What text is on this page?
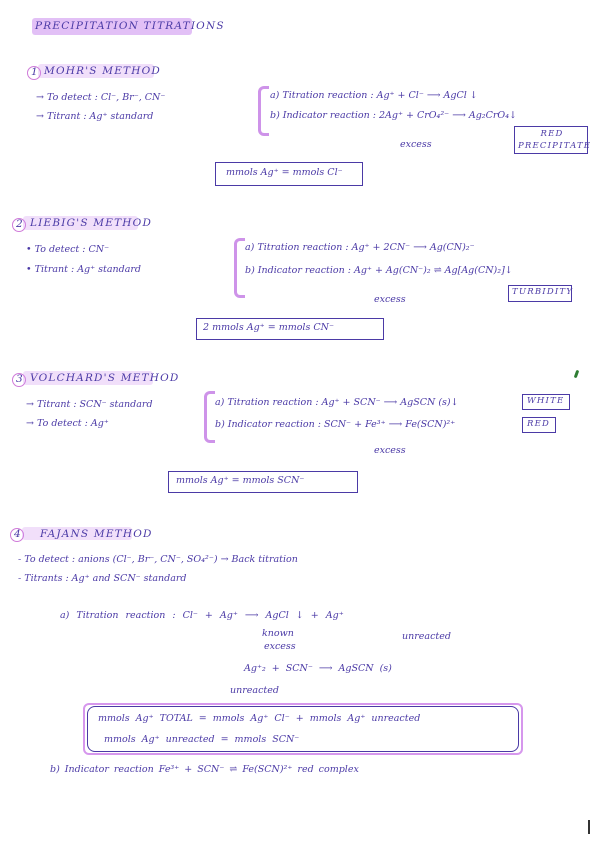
PRECIPITATION TITRATIONS
1 MOHR'S METHOD
→ To detect : Cl⁻, Br⁻, CN⁻
→ Titrant : Ag⁺ standard
a) Titration reaction : Ag⁺ + Cl⁻ ⟶ AgCl ↓
b) Indicator reaction : 2Ag⁺ + CrO₄²⁻ ⟶ Ag₂CrO₄↓
excess
RED PRECIPITATE
mmols Ag⁺ = mmols Cl⁻
2 LIEBIG'S METHOD
• To detect : CN⁻
• Titrant : Ag⁺ standard
a) Titration reaction : Ag⁺ + 2CN⁻ ⟶ Ag(CN)₂⁻
b) Indicator reaction : Ag⁺ + Ag(CN⁻)₂ ⇌ Ag[Ag(CN)₂]↓
excess
TURBIDITY
2 mmols Ag⁺ = mmols CN⁻
3 VOLCHARD'S METHOD
→ Titrant : SCN⁻ standard
→ To detect : Ag⁺
a) Titration reaction : Ag⁺ + SCN⁻ ⟶ AgSCN (s)↓	WHITE
b) Indicator reaction : SCN⁻ + Fe³⁺ ⟶ Fe(SCN)²⁺	RED
excess
mmols Ag⁺ = mmols SCN⁻
4 FAJANS METHOD
- To detect : anions (Cl⁻, Br⁻, CN⁻, SO₄²⁻) → Back titration
- Titrants : Ag⁺ and SCN⁻ standard
a) Titration reaction : Cl⁻ + Ag⁺ ⟶ AgCl ↓ + Ag⁺
known
excess
unreacted
Ag⁺₂ + SCN⁻ ⟶ AgSCN (s)
unreacted
mmols Ag⁺ TOTAL = mmols Ag⁺ Cl⁻ + mmols Ag⁺ unreacted
mmols Ag⁺ unreacted = mmols SCN⁻
b) Indicator reaction Fe³⁺ + SCN⁻ ⇌ Fe(SCN)²⁺ red complex
